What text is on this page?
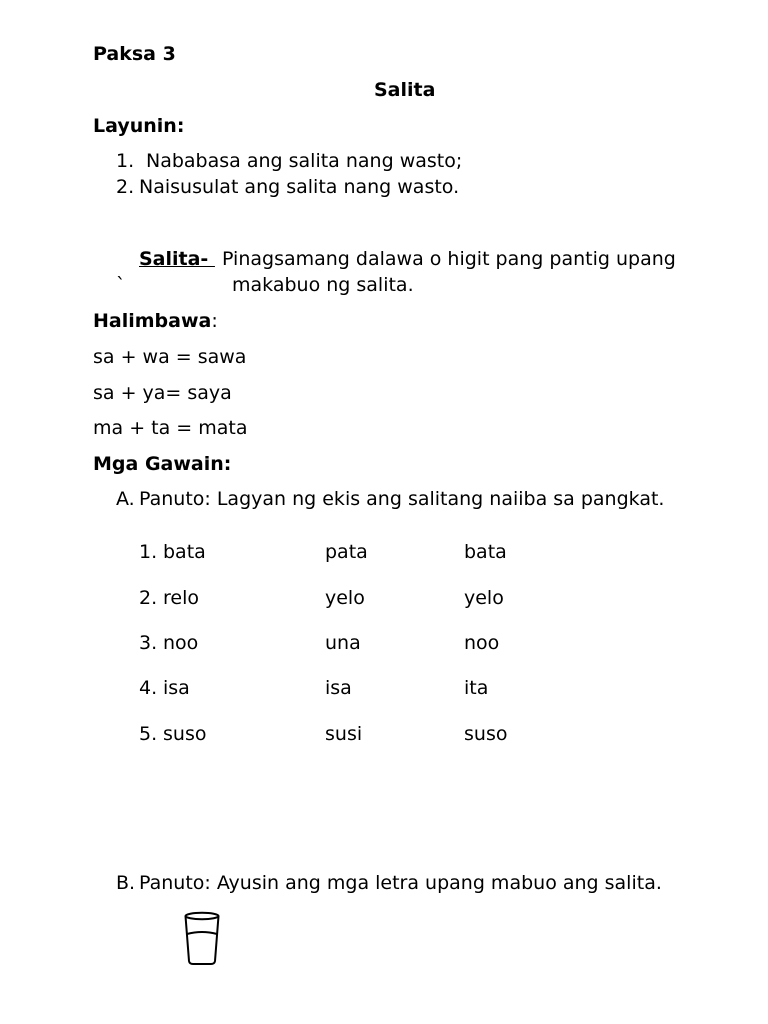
Paksa 3
Salita
Layunin:
1. Nababasa ang salita nang wasto;
2. Naisusulat ang salita nang wasto.
`
Salita- Pinagsamang dalawa o higit pang pantig upang
makabuo ng salita.
Halimbawa:
sa + wa = sawa
sa + ya= saya
ma + ta = mata
Mga Gawain:
A. Panuto: Lagyan ng ekis ang salitang naiiba sa pangkat.
1. bata	pata	bata
2. relo	yelo	yelo
3. noo	una	noo
4. isa	isa	ita
5. suso	susi	suso
B. Panuto: Ayusin ang mga letra upang mabuo ang salita.
